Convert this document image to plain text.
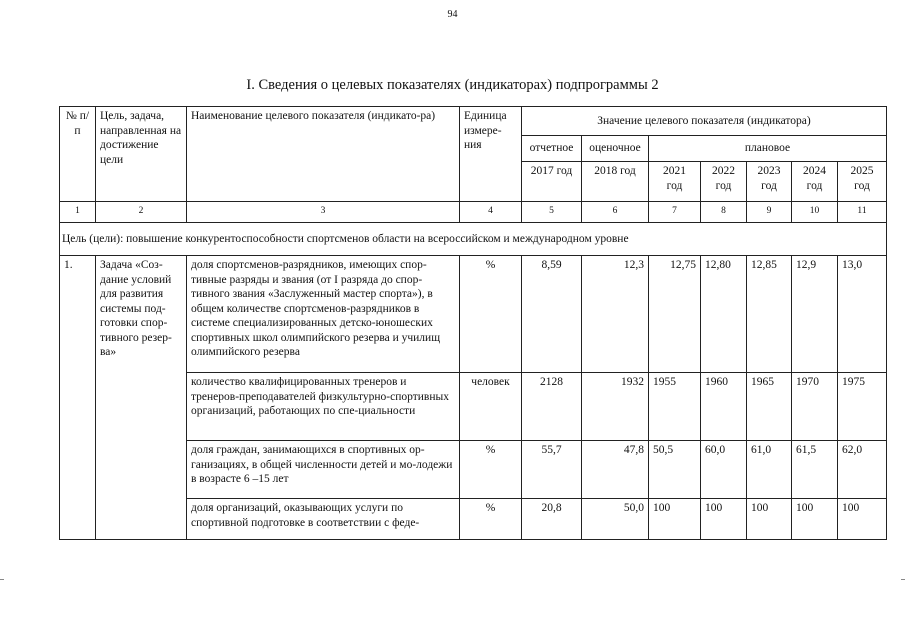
94
I. Сведения о целевых показателях (индикаторах) подпрограммы 2
№ п/п	Цель, задача, направленная на достижение цели	Наименование целевого показателя (индикато-ра)	Единица измере-ния	Значение целевого показателя (индикатора)						
				отчетное	оценочное	плановое				
				2017 год	2018 год	2021 год	2022 год	2023 год	2024 год	2025 год
1	2	3	4	5	6	7	8	9	10	11
Цель (цели): повышение конкурентоспособности спортсменов области на всероссийском и международном уровне										
1.	Задача «Соз-дание условий для развития системы под-готовки спор-тивного резер-ва»	доля спортсменов-разрядников, имеющих спор-тивные разряды и звания (от I разряда до спор-тивного звания «Заслуженный мастер спорта»), в общем количестве спортсменов-разрядников в системе специализированных детско-юношеских спортивных школ олимпийского резерва и училищ олимпийского резерва	%	8,59	12,3	12,75	12,80	12,85	12,9	13,0
		количество квалифицированных тренеров и тренеров-преподавателей физкультурно-спортивных организаций, работающих по спе-циальности	человек	2128	1932	1955	1960	1965	1970	1975
		доля граждан, занимающихся в спортивных ор-ганизациях, в общей численности детей и мо-лодежи в возрасте 6 –15 лет	%	55,7	47,8	50,5	60,0	61,0	61,5	62,0
		доля организаций, оказывающих услуги по спортивной подготовке в соответствии с феде-	%	20,8	50,0	100	100	100	100	100
